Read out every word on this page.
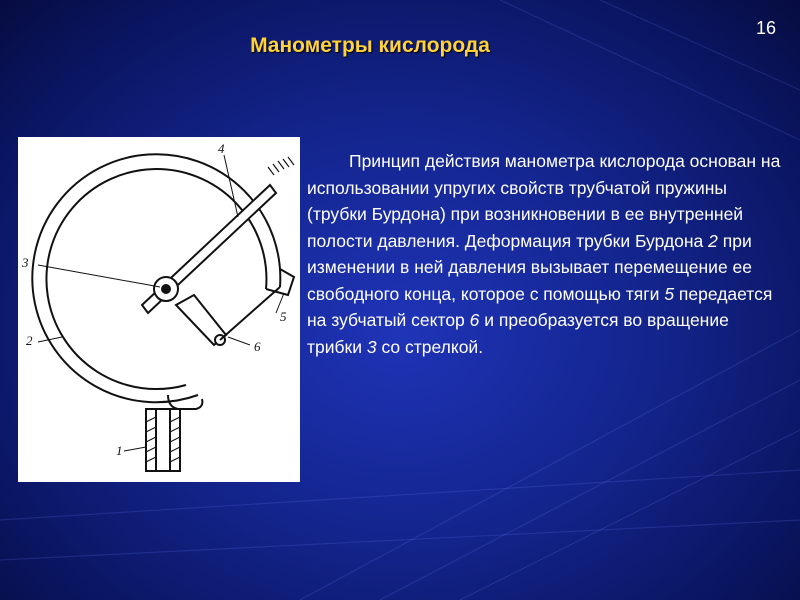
16
Манометры кислорода
3
4
5
6
2
1
Принцип действия манометра кислорода основан на использовании упругих свойств трубчатой пружины (трубки Бурдона) при возникновении в ее внутренней полости давления. Деформация трубки Бурдона 2 при изменении в ней давления вызывает перемещение ее свободного конца, которое с помощью тяги 5 передается на зубчатый сектор 6 и преобразуется во вращение трибки 3 со стрелкой.
